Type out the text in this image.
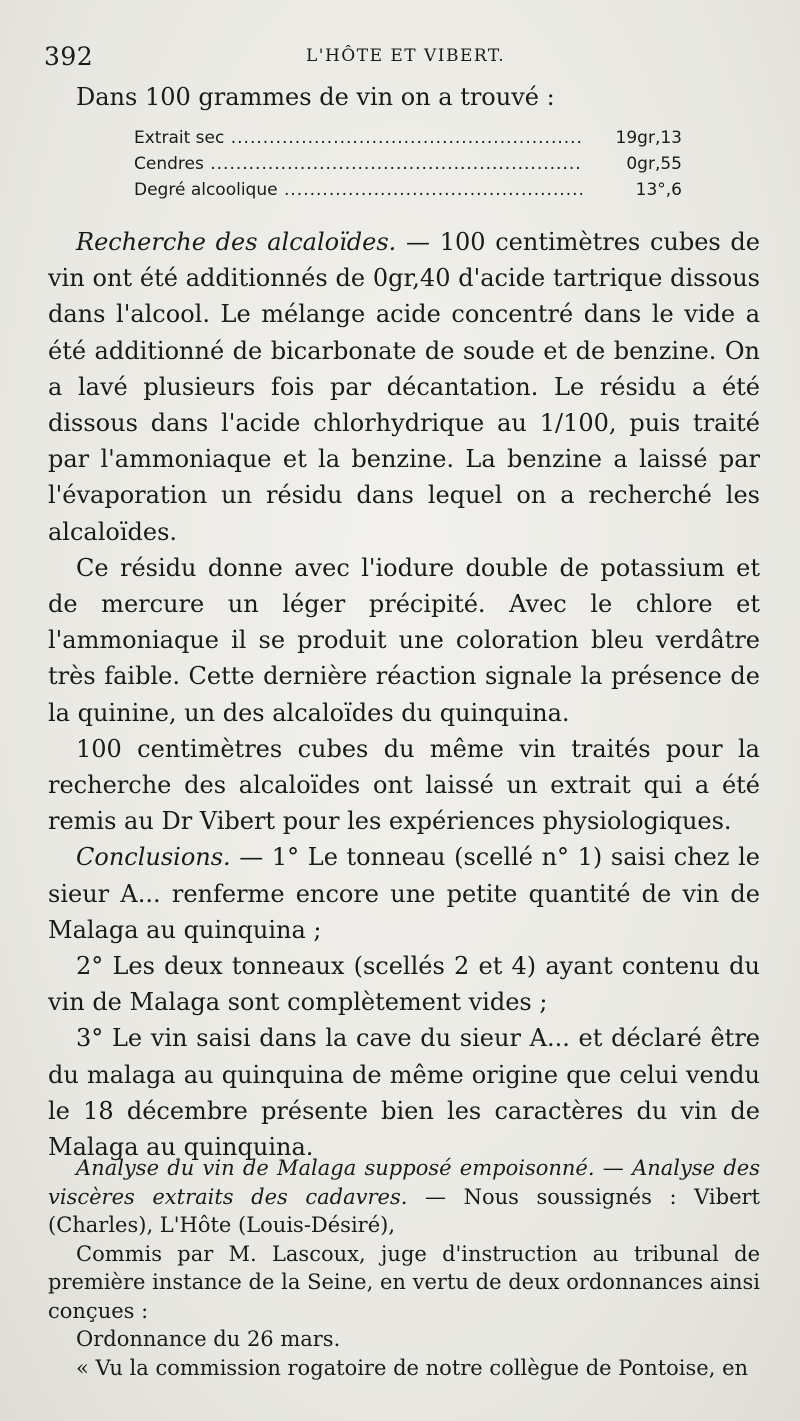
392	L'HÔTE ET VIBERT.
Dans 100 grammes de vin on a trouvé :
Extrait sec .....	19gr,13
Cendres .....	0gr,55
Degré alcoolique .....	13°,6

Recherche des alcaloïdes. — 100 centimètres cubes de vin ont été additionnés de 0gr,40 d'acide tartrique dissous dans l'alcool. Le mélange acide concentré dans le vide a été additionné de bicarbonate de soude et de benzine. On a lavé plusieurs fois par décantation. Le résidu a été dissous dans l'acide chlorhydrique au 1/100, puis traité par l'ammoniaque et la benzine. La benzine a laissé par l'évaporation un résidu dans lequel on a recherché les alcaloïdes.

Ce résidu donne avec l'iodure double de potassium et de mercure un léger précipité. Avec le chlore et l'ammoniaque il se produit une coloration bleu verdâtre très faible. Cette dernière réaction signale la présence de la quinine, un des alcaloïdes du quinquina.

100 centimètres cubes du même vin traités pour la recherche des alcaloïdes ont laissé un extrait qui a été remis au Dr Vibert pour les expériences physiologiques.

Conclusions. — 1° Le tonneau (scellé n° 1) saisi chez le sieur A... renferme encore une petite quantité de vin de Malaga au quinquina ;

2° Les deux tonneaux (scellés 2 et 4) ayant contenu du vin de Malaga sont complètement vides ;

3° Le vin saisi dans la cave du sieur A... et déclaré être du malaga au quinquina de même origine que celui vendu le 18 décembre présente bien les caractères du vin de Malaga au quinquina.

Analyse du vin de Malaga supposé empoisonné. — Analyse des viscères extraits des cadavres. — Nous soussignés : Vibert (Charles), L'Hôte (Louis-Désiré),

Commis par M. Lascoux, juge d'instruction au tribunal de première instance de la Seine, en vertu de deux ordonnances ainsi conçues :

Ordonnance du 26 mars.

« Vu la commission rogatoire de notre collègue de Pontoise, en
